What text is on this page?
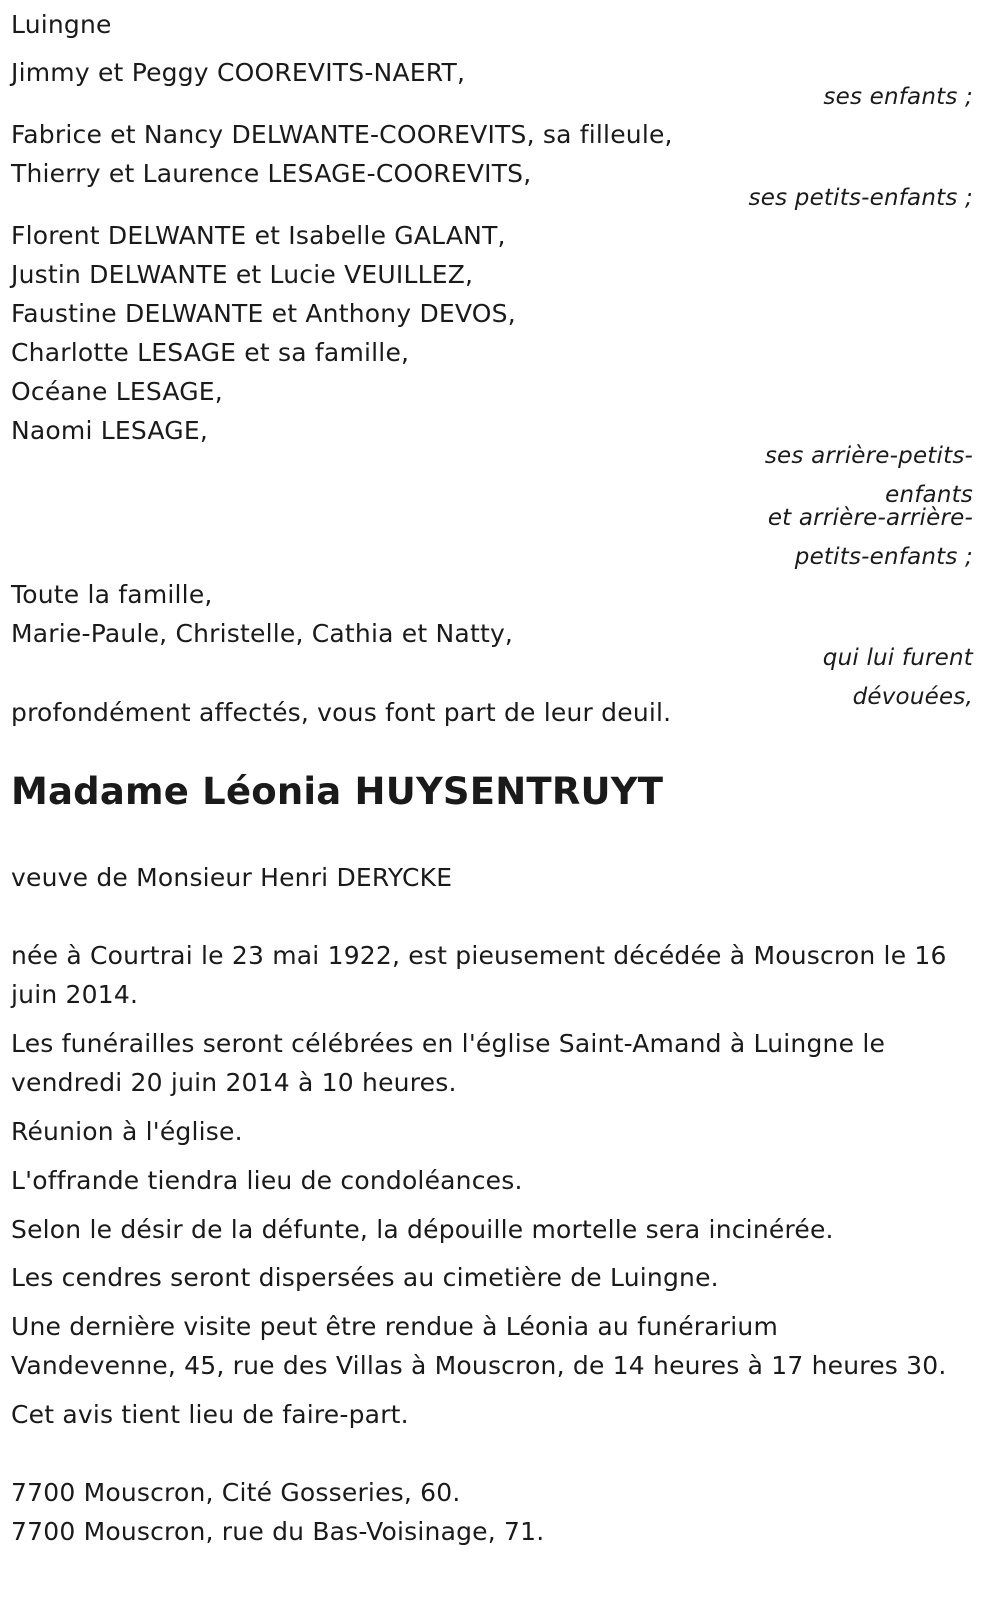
Luingne
Jimmy et Peggy COOREVITS-NAERT,
ses enfants ;
Fabrice et Nancy DELWANTE-COOREVITS, sa filleule,
Thierry et Laurence LESAGE-COOREVITS,
ses petits-enfants ;
Florent DELWANTE et Isabelle GALANT,
Justin DELWANTE et Lucie VEUILLEZ,
Faustine DELWANTE et Anthony DEVOS,
Charlotte LESAGE et sa famille,
Océane LESAGE,
Naomi LESAGE,
ses arrière-petits-
enfants
et arrière-arrière-
petits-enfants ;
Toute la famille,
Marie-Paule, Christelle, Cathia et Natty,
qui lui furent
dévouées,
profondément affectés, vous font part de leur deuil.
Madame Léonia HUYSENTRUYT
veuve de Monsieur Henri DERYCKE
née à Courtrai le 23 mai 1922, est pieusement décédée à Mouscron le 16
juin 2014.
Les funérailles seront célébrées en l'église Saint-Amand à Luingne le
vendredi 20 juin 2014 à 10 heures.
Réunion à l'église.
L'offrande tiendra lieu de condoléances.
Selon le désir de la défunte, la dépouille mortelle sera incinérée.
Les cendres seront dispersées au cimetière de Luingne.
Une dernière visite peut être rendue à Léonia au funérarium
Vandevenne, 45, rue des Villas à Mouscron, de 14 heures à 17 heures 30.
Cet avis tient lieu de faire-part.
7700 Mouscron, Cité Gosseries, 60.
7700 Mouscron, rue du Bas-Voisinage, 71.
